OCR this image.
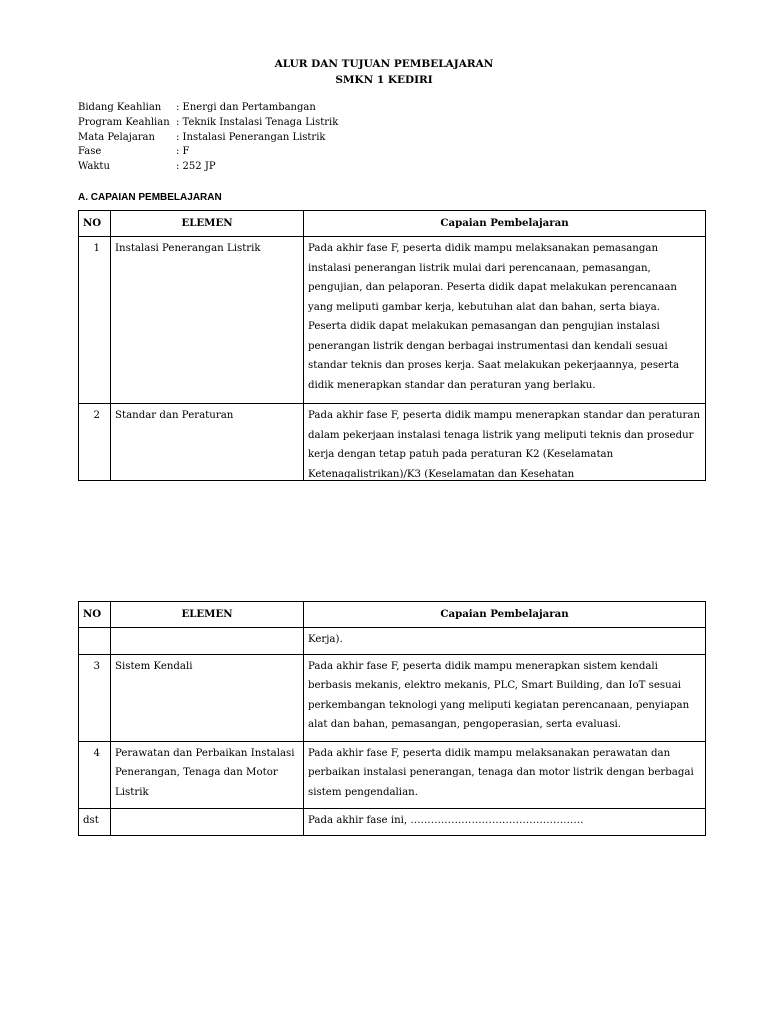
ALUR DAN TUJUAN PEMBELAJARAN
SMKN 1 KEDIRI
Bidang Keahlian	: Energi dan Pertambangan
Program Keahlian : Teknik Instalasi Tenaga Listrik
Mata Pelajaran	: Instalasi Penerangan Listrik
Fase	: F
Waktu	: 252 JP
A. CAPAIAN PEMBELAJARAN
NO	ELEMEN	Capaian Pembelajaran
1	Instalasi Penerangan Listrik	Pada akhir fase F, peserta didik mampu melaksanakan pemasangan instalasi penerangan listrik mulai dari perencanaan, pemasangan, pengujian, dan pelaporan. Peserta didik dapat melakukan perencanaan yang meliputi gambar kerja, kebutuhan alat dan bahan, serta biaya. Peserta didik dapat melakukan pemasangan dan pengujian instalasi penerangan listrik dengan berbagai instrumentasi dan kendali sesuai standar teknis dan proses kerja. Saat melakukan pekerjaannya, peserta didik menerapkan standar dan peraturan yang berlaku.
2	Standar dan Peraturan	Pada akhir fase F, peserta didik mampu menerapkan standar dan peraturan dalam pekerjaan instalasi tenaga listrik yang meliputi teknis dan prosedur kerja dengan tetap patuh pada peraturan K2 (Keselamatan Ketenagalistrikan)/K3 (Keselamatan dan Kesehatan
NO	ELEMEN	Capaian Pembelajaran
		Kerja).
3	Sistem Kendali	Pada akhir fase F, peserta didik mampu menerapkan sistem kendali berbasis mekanis, elektro mekanis, PLC, Smart Building, dan IoT sesuai perkembangan teknologi yang meliputi kegiatan perencanaan, penyiapan alat dan bahan, pemasangan, pengoperasian, serta evaluasi.
4	Perawatan dan Perbaikan Instalasi Penerangan, Tenaga dan Motor Listrik	Pada akhir fase F, peserta didik mampu melaksanakan perawatan dan perbaikan instalasi penerangan, tenaga dan motor listrik dengan berbagai sistem pengendalian.
dst		Pada akhir fase ini, ……………………………………………
